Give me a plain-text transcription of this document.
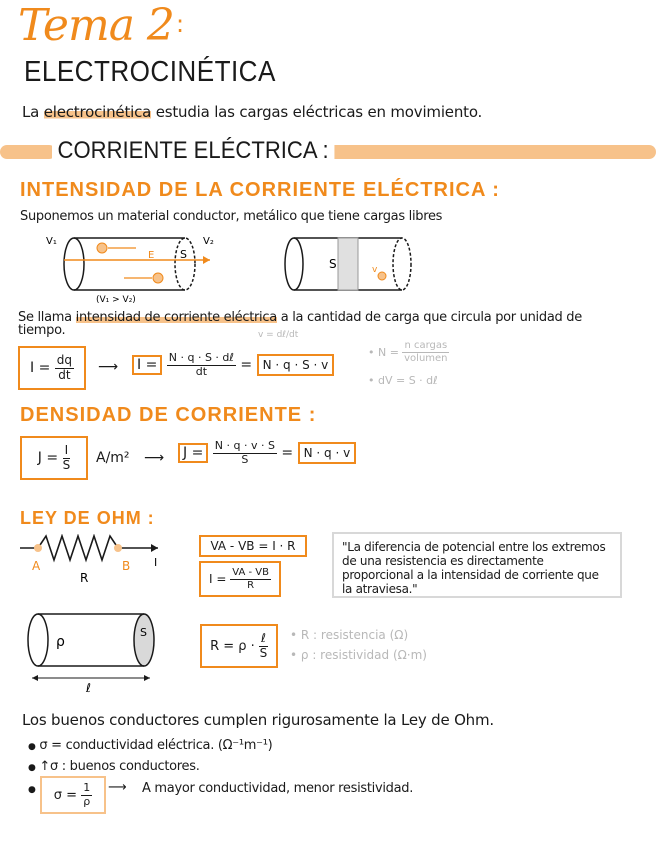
Tema 2 :
ELECTROCINÉTICA
La electrocinética estudia las cargas eléctricas en movimiento.
CORRIENTE ELÉCTRICA :
INTENSIDAD DE LA CORRIENTE ELÉCTRICA :
Suponemos un material conductor, metálico que tiene cargas libres
E S
V₁	V₂
(V₁ > V₂)
S	v
Se llama intensidad de corriente eléctrica a la cantidad de carga que circula por unidad de tiempo.	v = dℓ/dt
I =
$\frac{dq}{dt}$ ⟶	I =
$\frac{\text{N · q · S · dℓ}}{dt} = N \cdot q \cdot S \cdot v$
• N =
$\frac{\text{n cargas}}{\text{volumen}}$
• dV = S · dℓ
DENSIDAD DE CORRIENTE :
J =
$\frac{I}{S} A/m^2$ ⟶	J =
$\frac{N \cdot q \cdot v \cdot S}{S} = N \cdot q \cdot v$
LEY DE OHM :
A	B
R
I
VA - VB = I · R
I =
$\frac{VA - VB}{R}$
"La diferencia de potencial entre los extremos de una resistencia es directamente proporcional a la intensidad de corriente que la atraviesa."
ρ
S
ℓ
R = ρ ·
$\frac{\text{ℓ}}{S}$ • R : resistencia (Ω)
• ρ : resistividad (Ω·m)
Los buenos conductores cumplen rigurosamente la Ley de Ohm.
● σ = conductividad eléctrica. (Ω⁻¹m⁻¹)
● ↑σ : buenos conductores.
● σ =
$\frac{1}{\rho}$ ⟶ A mayor conductividad, menor resistividad.
